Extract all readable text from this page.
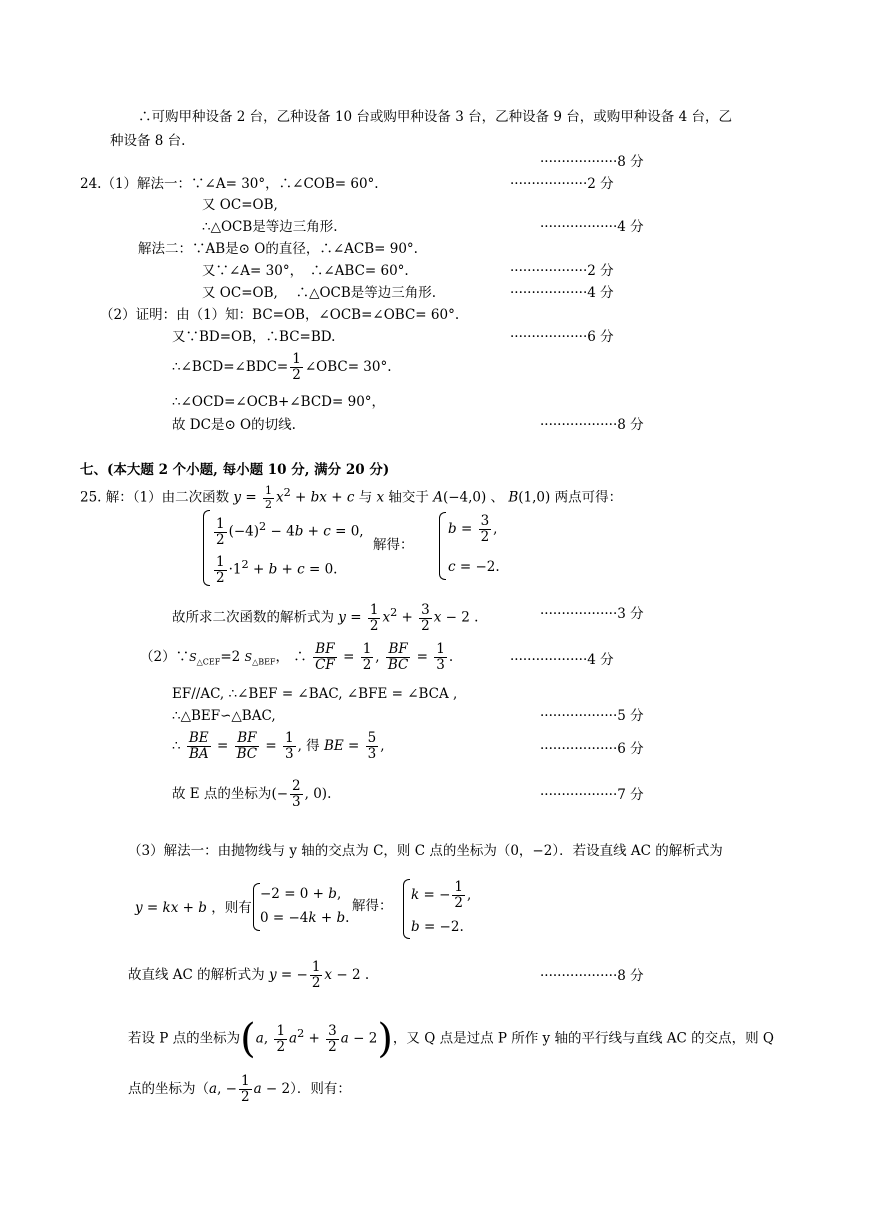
∴可购甲种设备 2 台，乙种设备 10 台或购甲种设备 3 台，乙种设备 9 台，或购甲种设备 4 台，乙
种设备 8 台.
··················8 分
24.（1）解法一：∵∠A= 30°，∴∠COB= 60°.	··················2 分
又 OC=OB,
∴△OCB是等边三角形.	··················4 分
解法二：∵AB是⊙ O的直径，∴∠ACB= 90°.
又∵∠A= 30°，　∴∠ABC= 60°.	··················2 分
又 OC=OB,　 ∴△OCB是等边三角形.	··················4 分
（2）证明：由（1）知：BC=OB，∠OCB=∠OBC= 60°.
又∵BD=OB，∴BC=BD.	··················6 分
∴∠BCD=∠BDC= $\frac{1}{2}$ ∠OBC= 30°.
∴∠OCD=∠OCB+∠BCD= 90°，
故 DC是⊙ O的切线.	··················8 分
七、(本大题 2 个小题, 每小题 10 分, 满分 20 分)
25. 解：（1）由二次函数 $y = \frac{1}{2} x^2$ + bx + c 与 x 轴交于 A(−4,0) 、 B(1,0) 两点可得：
$\frac{1}{2} (-4)^2 - 4b + c = 0$,
$\frac{1}{2} \cdot 1^2 + b + c = 0$.
解得：
$b = \frac{3}{2}$ ,
c = −2.
故所求二次函数的解析式为 $y = \frac{1}{2} x^2 + \frac{3}{2}$ x − 2 .	··················3 分
$(2)\because S_{\triangle CEF}=2$ $S_{\triangle BEF}$， ∴ $\frac{BF}{CF} = \frac{1}{2}$ , $\frac{BF}{BC} = \frac{1}{3}$ .	··················4 分
EF//AC, ∴∠BEF = ∠BAC, ∠BFE = ∠BCA ,
∴△BEF∽△BAC,	··················5 分
∴ $\frac{BE}{BA} = \frac{BF}{BC} = \frac{1}{3}$ , 得 BE = $\frac{5}{3}$ ,	··················6 分
故 E 点的坐标为(− $\frac{2}{3}$ , 0).	··················7 分
（3）解法一：由抛物线与 y 轴的交点为 C，则 C 点的坐标为（0，−2）．若设直线 AC 的解析式为
y = kx + b ，则有
−2 = 0 + b,
0 = −4k + b.
解得：
k = − $\frac{1}{2}$ ,
b = −2.
故直线 AC 的解析式为 y = − $\frac{1}{2}$ x − 2 .	··················8 分
若设 P 点的坐标为(a, $\frac{1}{2} a^2 + \frac{3}{2}$ a − 2)，又 Q 点是过点 P 所作 y 轴的平行线与直线 AC 的交点，则 Q
点的坐标为（a, − $\frac{1}{2}$ a − 2）．则有：
